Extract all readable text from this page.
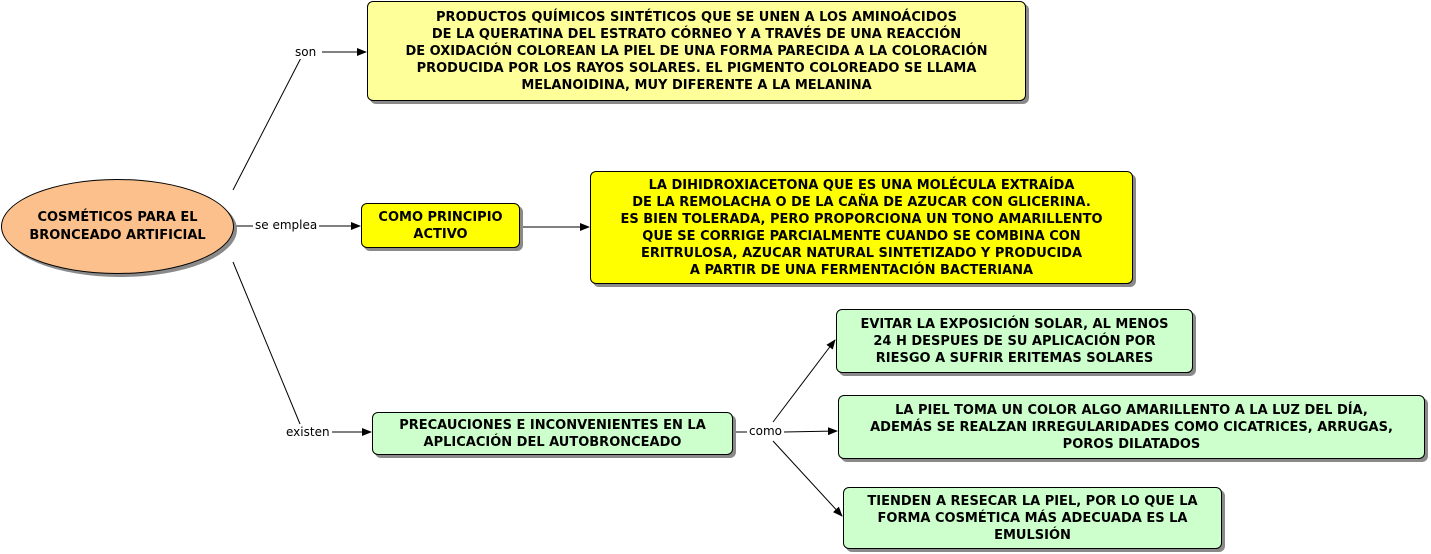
COSMÉTICOS PARA EL
BRONCEADO ARTIFICIAL
son
se emplea
existen	como
PRODUCTOS QUÍMICOS SINTÉTICOS QUE SE UNEN A LOS AMINOÁCIDOS
DE LA QUERATINA DEL ESTRATO CÓRNEO Y A TRAVÉS DE UNA REACCIÓN
DE OXIDACIÓN COLOREAN LA PIEL DE UNA FORMA PARECIDA A LA COLORACIÓN
PRODUCIDA POR LOS RAYOS SOLARES. EL PIGMENTO COLOREADO SE LLAMA
MELANOIDINA, MUY DIFERENTE A LA MELANINA
COMO PRINCIPIO
ACTIVO
LA DIHIDROXIACETONA QUE ES UNA MOLÉCULA EXTRAÍDA
DE LA REMOLACHA O DE LA CAÑA DE AZUCAR CON GLICERINA.
ES BIEN TOLERADA, PERO PROPORCIONA UN TONO AMARILLENTO
QUE SE CORRIGE PARCIALMENTE CUANDO SE COMBINA CON
ERITRULOSA, AZUCAR NATURAL SINTETIZADO Y PRODUCIDA
A PARTIR DE UNA FERMENTACIÓN BACTERIANA
PRECAUCIONES E INCONVENIENTES EN LA
APLICACIÓN DEL AUTOBRONCEADO
EVITAR LA EXPOSICIÓN SOLAR, AL MENOS
24 H DESPUES DE SU APLICACIÓN POR
RIESGO A SUFRIR ERITEMAS SOLARES
LA PIEL TOMA UN COLOR ALGO AMARILLENTO A LA LUZ DEL DÍA,
ADEMÁS SE REALZAN IRREGULARIDADES COMO CICATRICES, ARRUGAS,
POROS DILATADOS
TIENDEN A RESECAR LA PIEL, POR LO QUE LA
FORMA COSMÉTICA MÁS ADECUADA ES LA
EMULSIÓN
